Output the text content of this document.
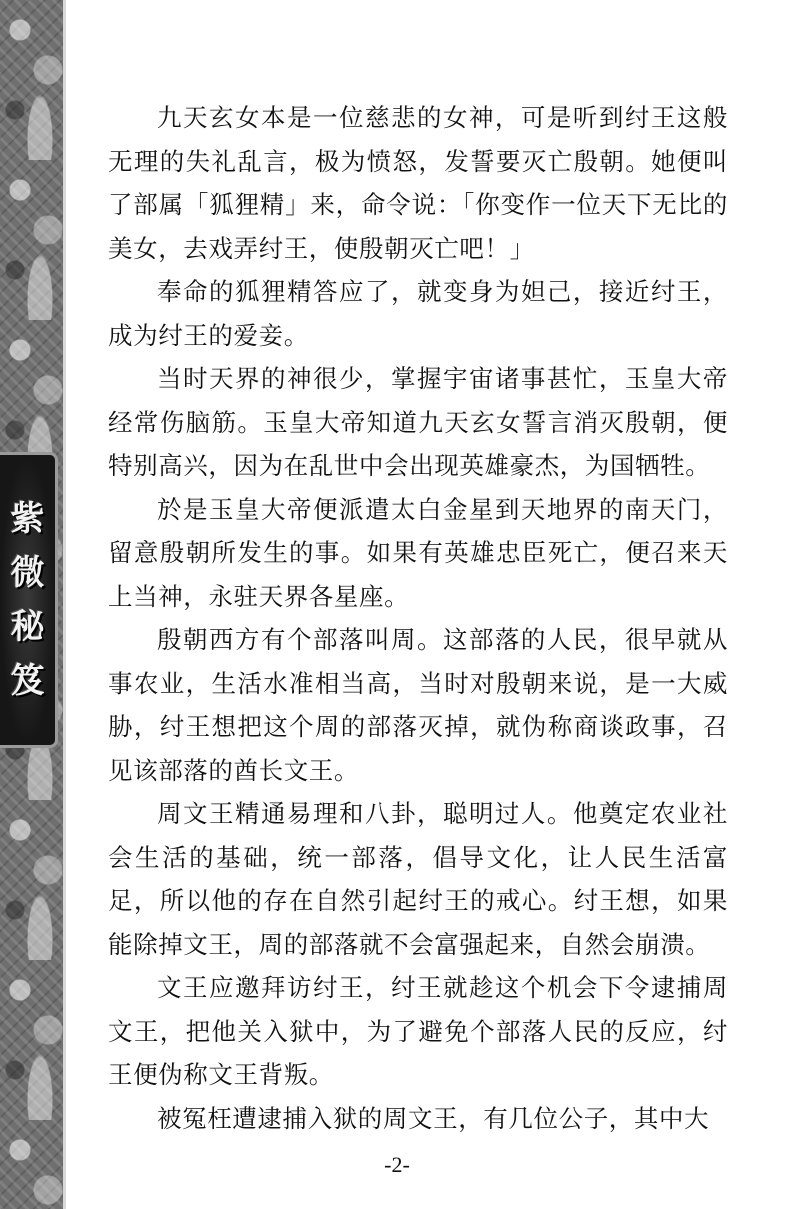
紫
微
秘
笈

九天玄女本是一位慈悲的女神，可是听到纣王这般无理的失礼乱言，极为愤怒，发誓要灭亡殷朝。她便叫了部属「狐狸精」来，命令说：「你变作一位天下无比的美女，去戏弄纣王，使殷朝灭亡吧！」

奉命的狐狸精答应了，就变身为妲己，接近纣王，成为纣王的爱妾。

当时天界的神很少，掌握宇宙诸事甚忙，玉皇大帝经常伤脑筋。玉皇大帝知道九天玄女誓言消灭殷朝，便特别高兴，因为在乱世中会出现英雄豪杰，为国牺牲。

於是玉皇大帝便派遣太白金星到天地界的南天门，留意殷朝所发生的事。如果有英雄忠臣死亡，便召来天上当神，永驻天界各星座。

殷朝西方有个部落叫周。这部落的人民，很早就从事农业，生活水准相当高，当时对殷朝来说，是一大威胁，纣王想把这个周的部落灭掉，就伪称商谈政事，召见该部落的酋长文王。

周文王精通易理和八卦，聪明过人。他奠定农业社会生活的基础，统一部落，倡导文化，让人民生活富足，所以他的存在自然引起纣王的戒心。纣王想，如果能除掉文王，周的部落就不会富强起来，自然会崩溃。

文王应邀拜访纣王，纣王就趁这个机会下令逮捕周文王，把他关入狱中，为了避免个部落人民的反应，纣王便伪称文王背叛。

被冤枉遭逮捕入狱的周文王，有几位公子，其中大

-2-
